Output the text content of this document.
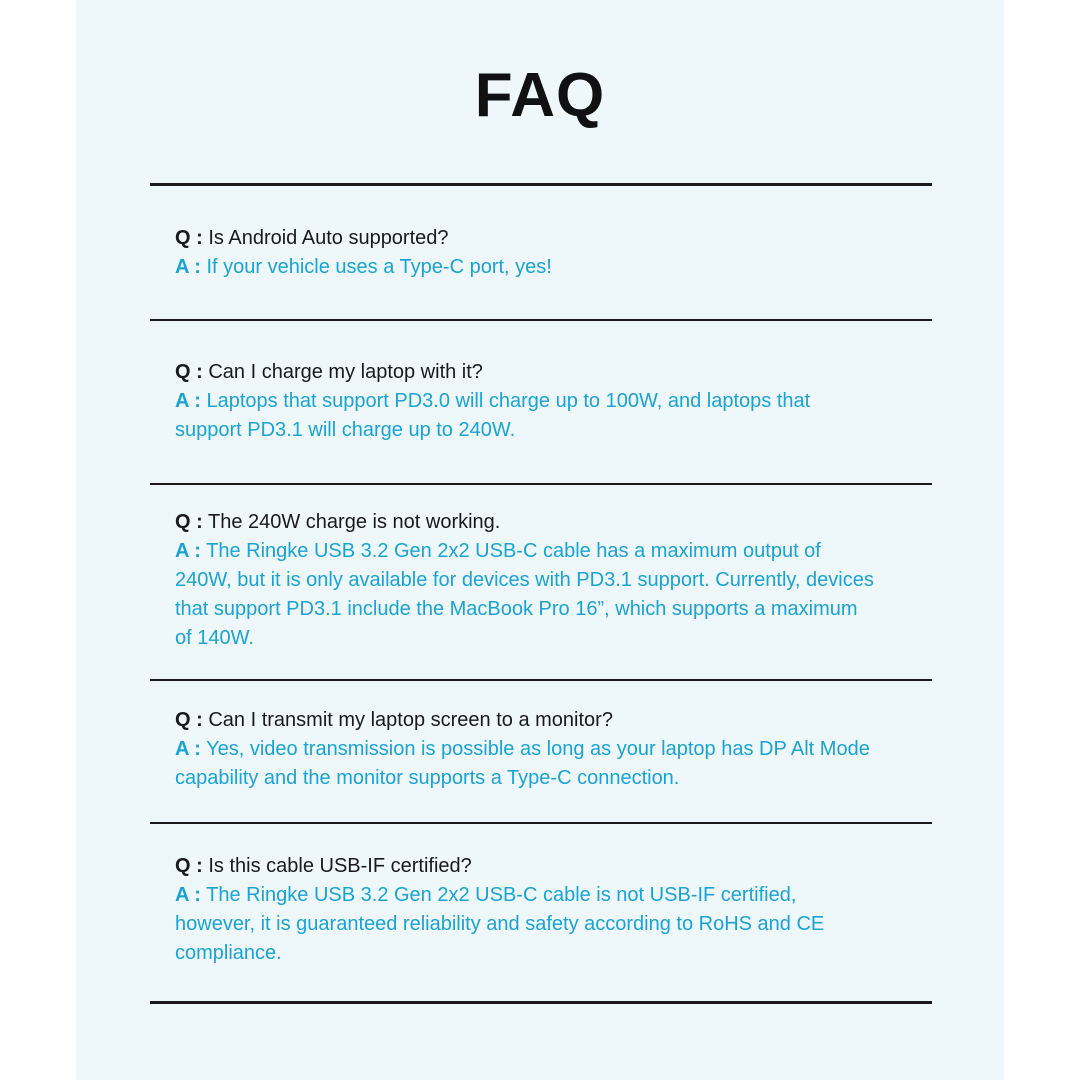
FAQ
Q : Is Android Auto supported?
A : If your vehicle uses a Type-C port, yes!
Q : Can I charge my laptop with it?
A : Laptops that support PD3.0 will charge up to 100W, and laptops that support PD3.1 will charge up to 240W.
Q : The 240W charge is not working.
A : The Ringke USB 3.2 Gen 2x2 USB-C cable has a maximum output of 240W, but it is only available for devices with PD3.1 support. Currently, devices that support PD3.1 include the MacBook Pro 16”, which supports a maximum of 140W.
Q : Can I transmit my laptop screen to a monitor?
A : Yes, video transmission is possible as long as your laptop has DP Alt Mode capability and the monitor supports a Type-C connection.
Q : Is this cable USB-IF certified?
A : The Ringke USB 3.2 Gen 2x2 USB-C cable is not USB-IF certified, however, it is guaranteed reliability and safety according to RoHS and CE compliance.
